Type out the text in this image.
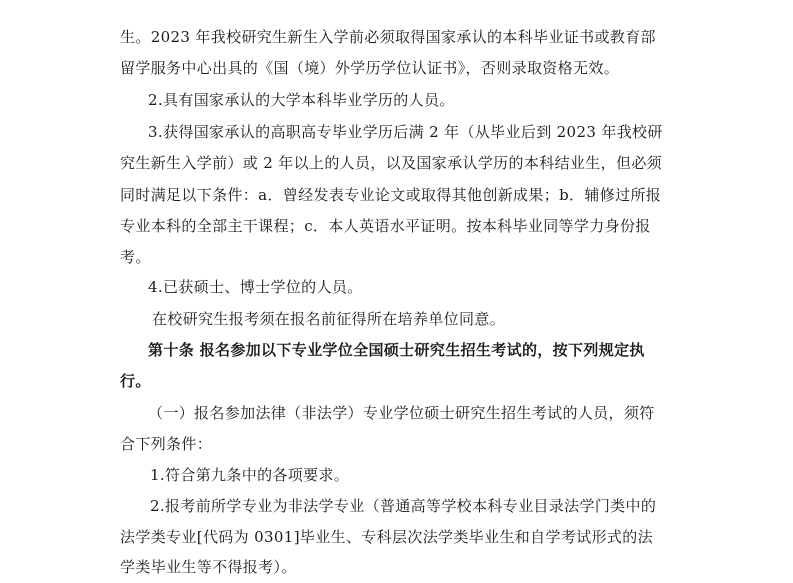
生。2023 年我校研究生新生入学前必须取得国家承认的本科毕业证书或教育部
留学服务中心出具的《国（境）外学历学位认证书》，否则录取资格无效。
2.具有国家承认的大学本科毕业学历的人员。
3.获得国家承认的高职高专毕业学历后满 2 年（从毕业后到 2023 年我校研
究生新生入学前）或 2 年以上的人员，以及国家承认学历的本科结业生，但必须
同时满足以下条件：a．曾经发表专业论文或取得其他创新成果；b．辅修过所报
专业本科的全部主干课程；c．本人英语水平证明。按本科毕业同等学力身份报
考。
4.已获硕士、博士学位的人员。
在校研究生报考须在报名前征得所在培养单位同意。
第十条 报名参加以下专业学位全国硕士研究生招生考试的，按下列规定执
行。
（一）报名参加法律（非法学）专业学位硕士研究生招生考试的人员，须符
合下列条件：
1.符合第九条中的各项要求。
2.报考前所学专业为非法学专业（普通高等学校本科专业目录法学门类中的
法学类专业[代码为 0301]毕业生、专科层次法学类毕业生和自学考试形式的法
学类毕业生等不得报考）。
